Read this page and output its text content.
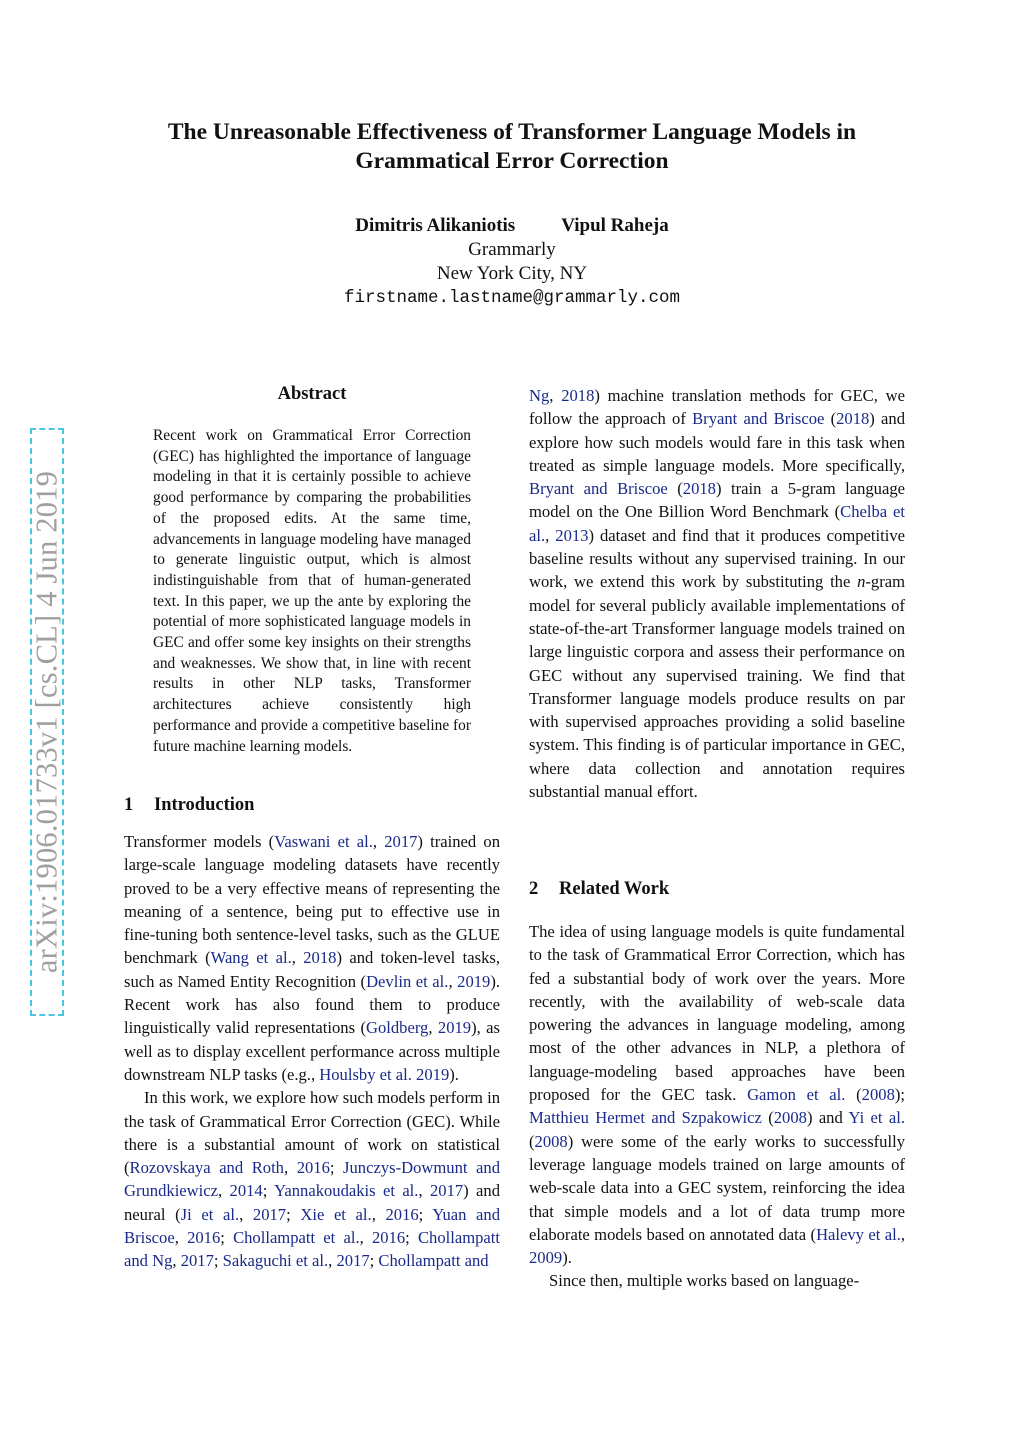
The Unreasonable Effectiveness of Transformer Language Models in Grammatical Error Correction
Dimitris Alikaniotis Vipul Raheja
Grammarly
New York City, NY
firstname.lastname@grammarly.com
arXiv:1906.01733v1 [cs.CL] 4 Jun 2019
Abstract
Recent work on Grammatical Error Correction (GEC) has highlighted the importance of language modeling in that it is certainly possible to achieve good performance by comparing the probabilities of the proposed edits. At the same time, advancements in language modeling have managed to generate linguistic output, which is almost indistinguishable from that of human-generated text. In this paper, we up the ante by exploring the potential of more sophisticated language models in GEC and offer some key insights on their strengths and weaknesses. We show that, in line with recent results in other NLP tasks, Transformer architectures achieve consistently high performance and provide a competitive baseline for future machine learning models.
1 Introduction

Transformer models (Vaswani et al., 2017) trained on large-scale language modeling datasets have recently proved to be a very effective means of representing the meaning of a sentence, being put to effective use in fine-tuning both sentence-level tasks, such as the GLUE benchmark (Wang et al., 2018) and token-level tasks, such as Named Entity Recognition (Devlin et al., 2019). Recent work has also found them to produce linguistically valid representations (Goldberg, 2019), as well as to display excellent performance across multiple downstream NLP tasks (e.g., Houlsby et al. 2019).

In this work, we explore how such models perform in the task of Grammatical Error Correction (GEC). While there is a substantial amount of work on statistical (Rozovskaya and Roth, 2016; Junczys-Dowmunt and Grundkiewicz, 2014; Yannakoudakis et al., 2017) and neural (Ji et al., 2017; Xie et al., 2016; Yuan and Briscoe, 2016; Chollampatt et al., 2016; Chollampatt and Ng, 2017; Sakaguchi et al., 2017; Chollampatt and

Ng, 2018) machine translation methods for GEC, we follow the approach of Bryant and Briscoe (2018) and explore how such models would fare in this task when treated as simple language models. More specifically, Bryant and Briscoe (2018) train a 5-gram language model on the One Billion Word Benchmark (Chelba et al., 2013) dataset and find that it produces competitive baseline results without any supervised training. In our work, we extend this work by substituting the n-gram model for several publicly available implementations of state-of-the-art Transformer language models trained on large linguistic corpora and assess their performance on GEC without any supervised training. We find that Transformer language models produce results on par with supervised approaches providing a solid baseline system. This finding is of particular importance in GEC, where data collection and annotation requires substantial manual effort.

2 Related Work

The idea of using language models is quite fundamental to the task of Grammatical Error Correction, which has fed a substantial body of work over the years. More recently, with the availability of web-scale data powering the advances in language modeling, among most of the other advances in NLP, a plethora of language-modeling based approaches have been proposed for the GEC task. Gamon et al. (2008); Matthieu Hermet and Szpakowicz (2008) and Yi et al. (2008) were some of the early works to successfully leverage language models trained on large amounts of web-scale data into a GEC system, reinforcing the idea that simple models and a lot of data trump more elaborate models based on annotated data (Halevy et al., 2009).

Since then, multiple works based on language-
